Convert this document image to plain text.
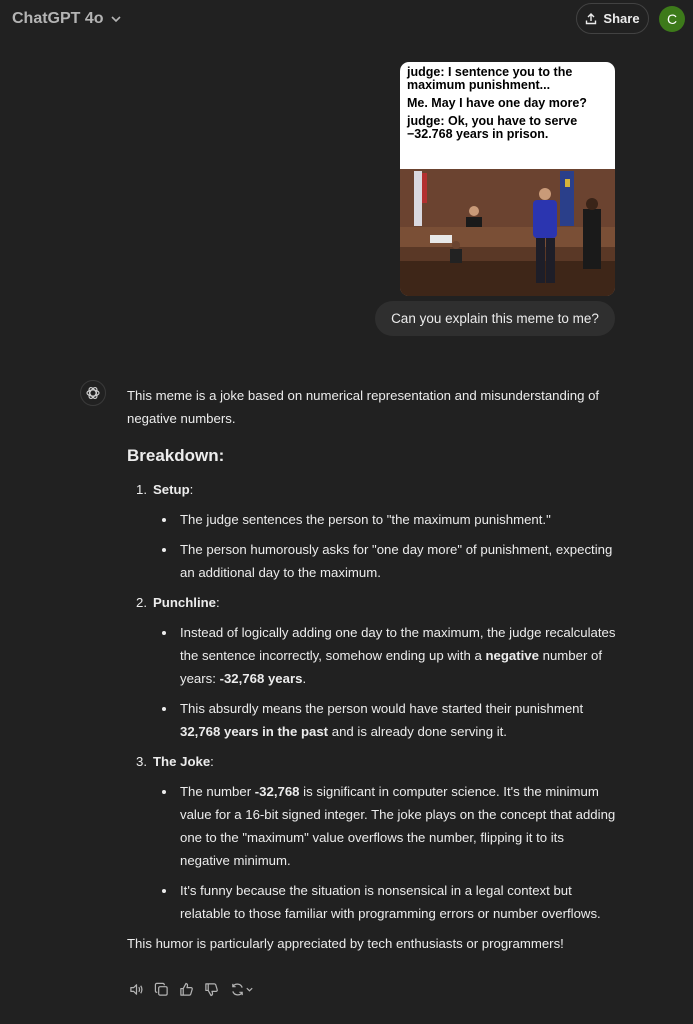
ChatGPT 4o	Share	C

judge: I sentence you to the maximum punishment...

Me. May I have one day more?

judge: Ok, you have to serve −32.768 years in prison.

Can you explain this meme to me?

This meme is a joke based on numerical representation and misunderstanding of negative numbers.

Breakdown:
1. Setup:
The judge sentences the person to "the maximum punishment."
The person humorously asks for "one day more" of punishment, expecting an additional day to the maximum.
2. Punchline:
Instead of logically adding one day to the maximum, the judge recalculates the sentence incorrectly, somehow ending up with a negative number of years: -32,768 years.
This absurdly means the person would have started their punishment 32,768 years in the past and is already done serving it.
3. The Joke:
The number -32,768 is significant in computer science. It's the minimum value for a 16-bit signed integer. The joke plays on the concept that adding one to the "maximum" value overflows the number, flipping it to its negative minimum.
It's funny because the situation is nonsensical in a legal context but relatable to those familiar with programming errors or number overflows.

This humor is particularly appreciated by tech enthusiasts or programmers!
